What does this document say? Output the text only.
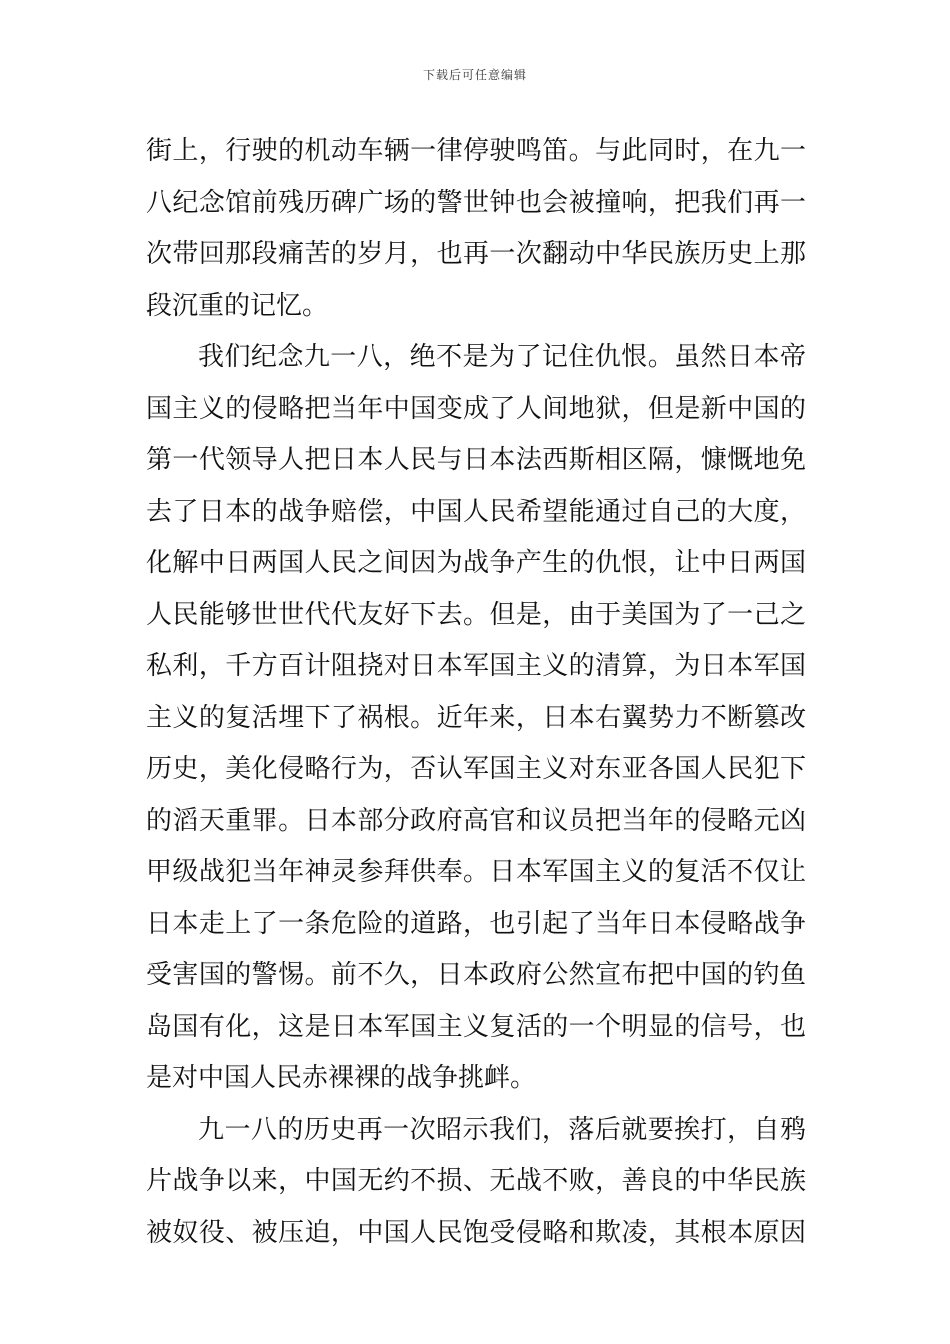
下载后可任意编辑
街上，行驶的机动车辆一律停驶鸣笛。与此同时，在九一
八纪念馆前残历碑广场的警世钟也会被撞响，把我们再一
次带回那段痛苦的岁月，也再一次翻动中华民族历史上那
段沉重的记忆。
我们纪念九一八，绝不是为了记住仇恨。虽然日本帝
国主义的侵略把当年中国变成了人间地狱，但是新中国的
第一代领导人把日本人民与日本法西斯相区隔，慷慨地免
去了日本的战争赔偿，中国人民希望能通过自己的大度，
化解中日两国人民之间因为战争产生的仇恨，让中日两国
人民能够世世代代友好下去。但是，由于美国为了一己之
私利，千方百计阻挠对日本军国主义的清算，为日本军国
主义的复活埋下了祸根。近年来，日本右翼势力不断篡改
历史，美化侵略行为，否认军国主义对东亚各国人民犯下
的滔天重罪。日本部分政府高官和议员把当年的侵略元凶
甲级战犯当年神灵参拜供奉。日本军国主义的复活不仅让
日本走上了一条危险的道路，也引起了当年日本侵略战争
受害国的警惕。前不久，日本政府公然宣布把中国的钓鱼
岛国有化，这是日本军国主义复活的一个明显的信号，也
是对中国人民赤裸裸的战争挑衅。
九一八的历史再一次昭示我们，落后就要挨打，自鸦
片战争以来，中国无约不损、无战不败，善良的中华民族
被奴役、被压迫，中国人民饱受侵略和欺凌，其根本原因
